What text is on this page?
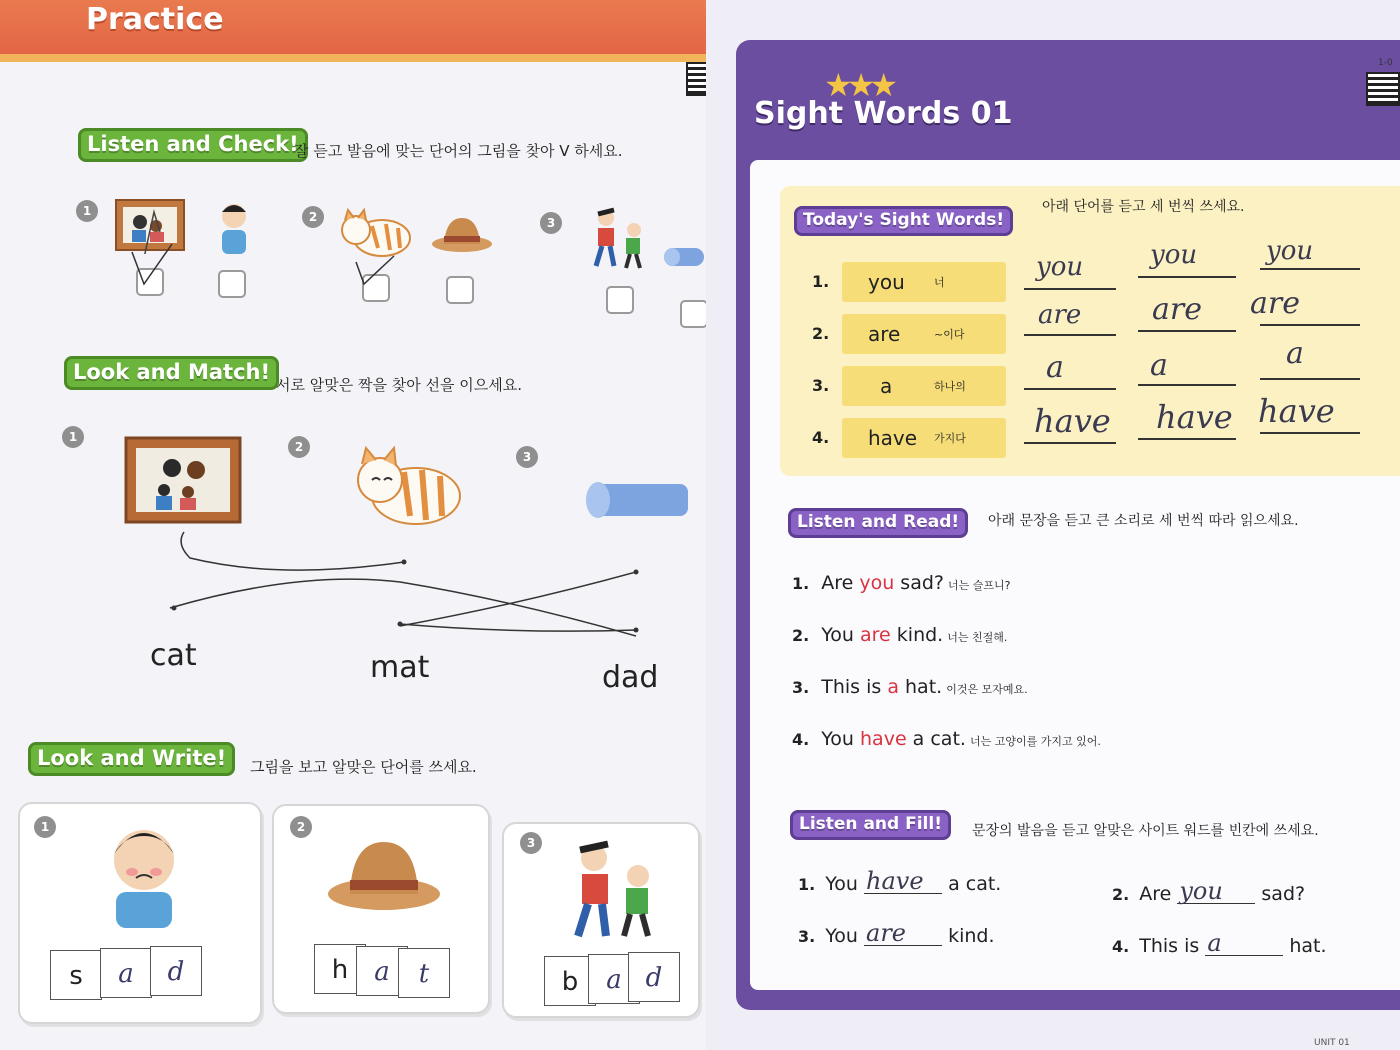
Practice
Listen and Check!
잘 듣고 발음에 맞는 단어의 그림을 찾아 V 하세요.
1	2	3
Look and Match!
서로 알맞은 짝을 찾아 선을 이으세요.
1
2
3
cat	mat	dad
Look and Write!	그림을 보고 알맞은 단어를 쓰세요.
1
s	a	d
2
h	a	t
3
b	a d
★★★
Sight Words 01
1-0
Today's Sight Words!
아래 단어를 듣고 세 번씩 쓰세요.
1. you	너
2. are	~이다
3.	a	하나의
4. have 가지다
you	you	you
are are are
a	a	a
have have have
Listen and Read!	아래 문장을 듣고 큰 소리로 세 번씩 따라 읽으세요.
1. Are you sad? 너는 슬프니?
2. You are kind. 너는 친절해.
3. This is a hat. 이것은 모자예요.
4. You have a cat. 너는 고양이를 가지고 있어.
Listen and Fill!	문장의 발음을 듣고 알맞은 사이트 워드를 빈칸에 쓰세요.
1. You have a cat.	2. Are you sad?
3. You are kind.	4. This is a	hat.
UNIT 01
